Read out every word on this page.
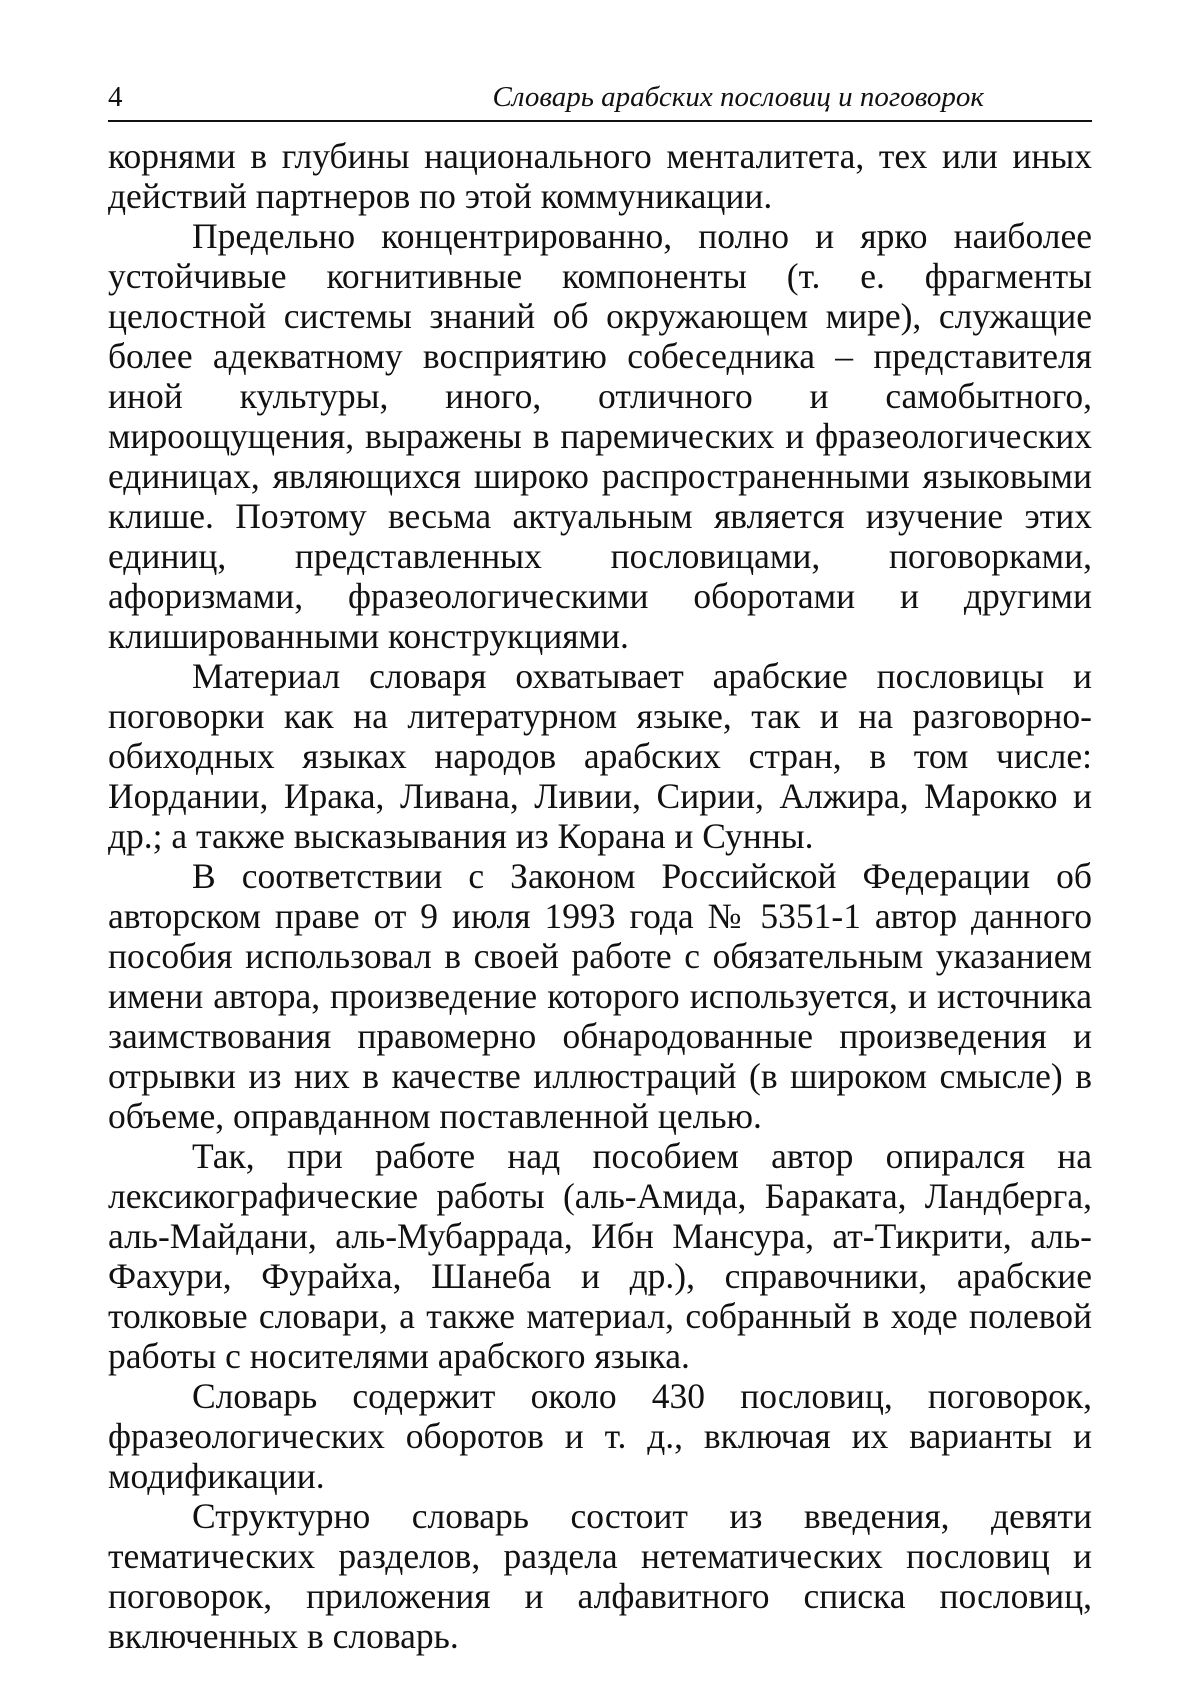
4	Словарь арабских пословиц и поговорок

корнями в глубины национального менталитета, тех или иных действий партнеров по этой коммуникации.

Предельно концентрированно, полно и ярко наиболее устойчивые когнитивные компоненты (т. е. фрагменты целостной системы знаний об окружающем мире), служащие более адекватному восприятию собеседника – представителя иной культуры, иного, отличного и самобытного, мироощущения, выражены в паремических и фразеологических единицах, являющихся широко распространенными языковыми клише. Поэтому весьма актуальным является изучение этих единиц, представленных пословицами, поговорками, афоризмами, фразеологическими оборотами и другими клишированными конструкциями.

Материал словаря охватывает арабские пословицы и поговорки как на литературном языке, так и на разговорно-обиходных языках народов арабских стран, в том числе: Иордании, Ирака, Ливана, Ливии, Сирии, Алжира, Марокко и др.; а также высказывания из Корана и Сунны.

В соответствии с Законом Российской Федерации об авторском праве от 9 июля 1993 года № 5351-1 автор данного пособия использовал в своей работе с обязательным указанием имени автора, произведение которого используется, и источника заимствования правомерно обнародованные произведения и отрывки из них в качестве иллюстраций (в широком смысле) в объеме, оправданном поставленной целью.

Так, при работе над пособием автор опирался на лексикографические работы (аль-Амида, Бараката, Ландберга, аль-Майдани, аль-Мубаррада, Ибн Мансура, ат-Тикрити, аль-Фахури, Фурайха, Шанеба и др.), справочники, арабские толковые словари, а также материал, собранный в ходе полевой работы с носителями арабского языка.

Словарь содержит около 430 пословиц, поговорок, фразеологических оборотов и т. д., включая их варианты и модификации.

Структурно словарь состоит из введения, девяти тематических разделов, раздела нетематических пословиц и поговорок, приложения и алфавитного списка пословиц, включенных в словарь.
